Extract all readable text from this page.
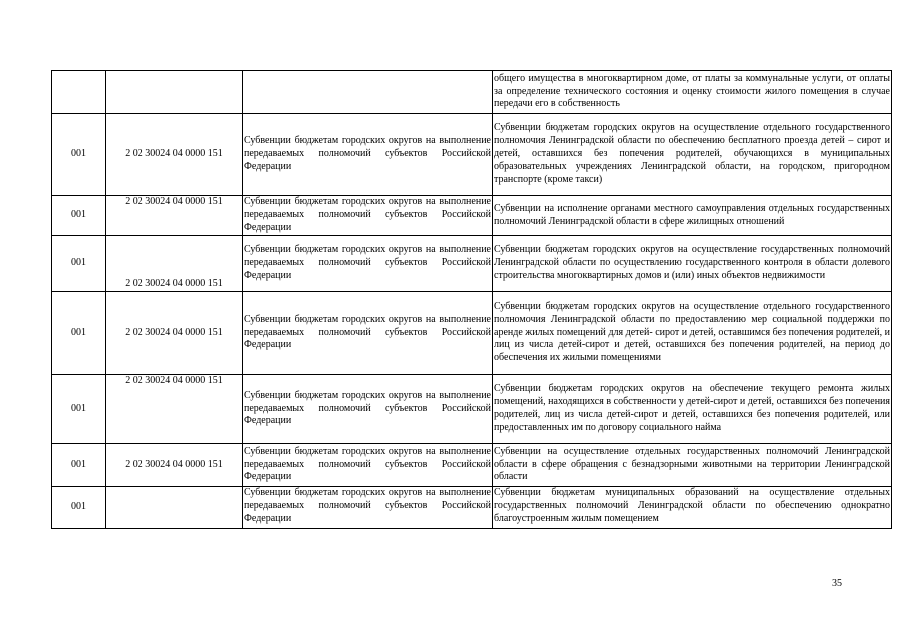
			общего имущества в многоквартирном доме, от платы за коммунальные услуги, от оплаты за определение технического состояния и оценку стоимости жилого помещения в случае передачи его в собственность
001	2 02 30024 04 0000 151	Субвенции бюджетам городских округов на выполнение передаваемых полномочий субъектов Российской Федерации	Субвенции бюджетам городских округов на осуществление отдельного государственного полномочия Ленинградской области по обеспечению бесплатного проезда детей – сирот и детей, оставшихся без попечения родителей, обучающихся в муниципальных образовательных учреждениях Ленинградской области, на городском, пригородном транспорте (кроме такси)
001	2 02 30024 04 0000 151	Субвенции бюджетам городских округов на выполнение передаваемых полномочий субъектов Российской Федерации	Субвенции на исполнение органами местного самоуправления отдельных государственных полномочий Ленинградской области в сфере жилищных отношений
001	2 02 30024 04 0000 151	Субвенции бюджетам городских округов на выполнение передаваемых полномочий субъектов Российской Федерации	Субвенции бюджетам городских округов на осуществление государственных полномочий Ленинградской области по осуществлению государственного контроля в области долевого строительства многоквартирных домов и (или) иных объектов недвижимости
001	2 02 30024 04 0000 151	Субвенции бюджетам городских округов на выполнение передаваемых полномочий субъектов Российской Федерации	Субвенции бюджетам городских округов на осуществление отдельного государственного полномочия Ленинградской области по предоставлению мер социальной поддержки по аренде жилых помещений для детей- сирот и детей, оставшимся без попечения родителей, и лиц из числа детей-сирот и детей, оставшихся без попечения родителей, на период до обеспечения их жилыми помещениями
001	2 02 30024 04 0000 151	Субвенции бюджетам городских округов на выполнение передаваемых полномочий субъектов Российской Федерации	Субвенции бюджетам городских округов на обеспечение текущего ремонта жилых помещений, находящихся в собственности у детей-сирот и детей, оставшихся без попечения родителей, лиц из числа детей-сирот и детей, оставшихся без попечения родителей, или предоставленных им по договору социального найма
001	2 02 30024 04 0000 151	Субвенции бюджетам городских округов на выполнение передаваемых полномочий субъектов Российской Федерации	Субвенции на осуществление отдельных государственных полномочий Ленинградской области в сфере обращения с безнадзорными животными на территории Ленинградской области
001		Субвенции бюджетам городских округов на выполнение передаваемых полномочий субъектов Российской Федерации	Субвенции бюджетам муниципальных образований на осуществление отдельных государственных полномочий Ленинградской области по обеспечению однократно благоустроенным жилым помещением
35
